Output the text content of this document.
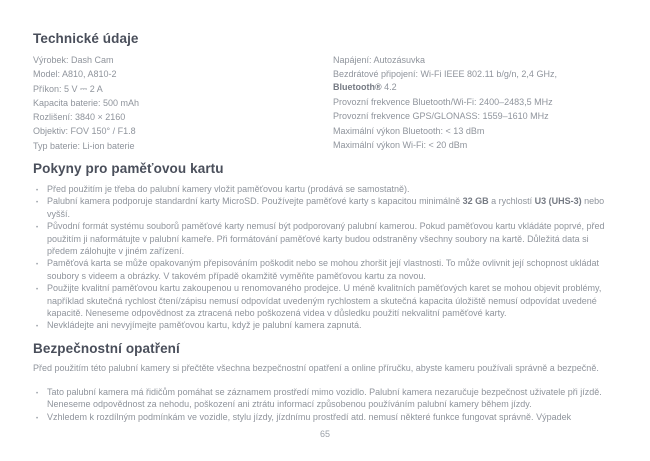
Technické údaje
Výrobek: Dash Cam
Model: A810, A810-2
Příkon: 5 V ⎓ 2 A
Kapacita baterie: 500 mAh
Rozlišení: 3840 × 2160
Objektiv: FOV 150° / F1.8
Typ baterie: Li-ion baterie
Napájení: Autozásuvka
Bezdrátové připojení: Wi-Fi IEEE 802.11 b/g/n, 2,4 GHz,
Bluetooth® 4.2
Provozní frekvence Bluetooth/Wi-Fi: 2400–2483,5 MHz
Provozní frekvence GPS/GLONASS: 1559–1610 MHz
Maximální výkon Bluetooth: < 13 dBm
Maximální výkon Wi-Fi: < 20 dBm
Pokyny pro paměťovou kartu
• Před použitím je třeba do palubní kamery vložit paměťovou kartu (prodává se samostatně).
• Palubní kamera podporuje standardní karty MicroSD. Používejte paměťové karty s kapacitou minimálně 32 GB a rychlostí U3 (UHS-3) nebo vyšší.
• Původní formát systému souborů paměťové karty nemusí být podporovaný palubní kamerou. Pokud paměťovou kartu vkládáte poprvé, před použitím ji naformátujte v palubní kameře. Při formátování paměťové karty budou odstraněny všechny soubory na kartě. Důležitá data si předem zálohujte v jiném zařízení.
• Paměťová karta se může opakovaným přepisováním poškodit nebo se mohou zhoršit její vlastnosti. To může ovlivnit její schopnost ukládat soubory s videem a obrázky. V takovém případě okamžitě vyměňte paměťovou kartu za novou.
• Použijte kvalitní paměťovou kartu zakoupenou u renomovaného prodejce. U méně kvalitních paměťových karet se mohou objevit problémy, například skutečná rychlost čtení/zápisu nemusí odpovídat uvedeným rychlostem a skutečná kapacita úložiště nemusí odpovídat uvedené kapacitě. Neneseme odpovědnost za ztracená nebo poškozená videa v důsledku použití nekvalitní paměťové karty.
• Nevkládejte ani nevyjímejte paměťovou kartu, když je palubní kamera zapnutá.
Bezpečnostní opatření
Před použitím této palubní kamery si přečtěte všechna bezpečnostní opatření a online příručku, abyste kameru používali správně a bezpečně.
• Tato palubní kamera má řidičům pomáhat se záznamem prostředí mimo vozidlo. Palubní kamera nezaručuje bezpečnost uživatele při jízdě. Neneseme odpovědnost za nehodu, poškození ani ztrátu informací způsobenou používáním palubní kamery během jízdy.
• Vzhledem k rozdílným podmínkám ve vozidle, stylu jízdy, jízdnímu prostředí atd. nemusí některé funkce fungovat správně. Výpadek
65
